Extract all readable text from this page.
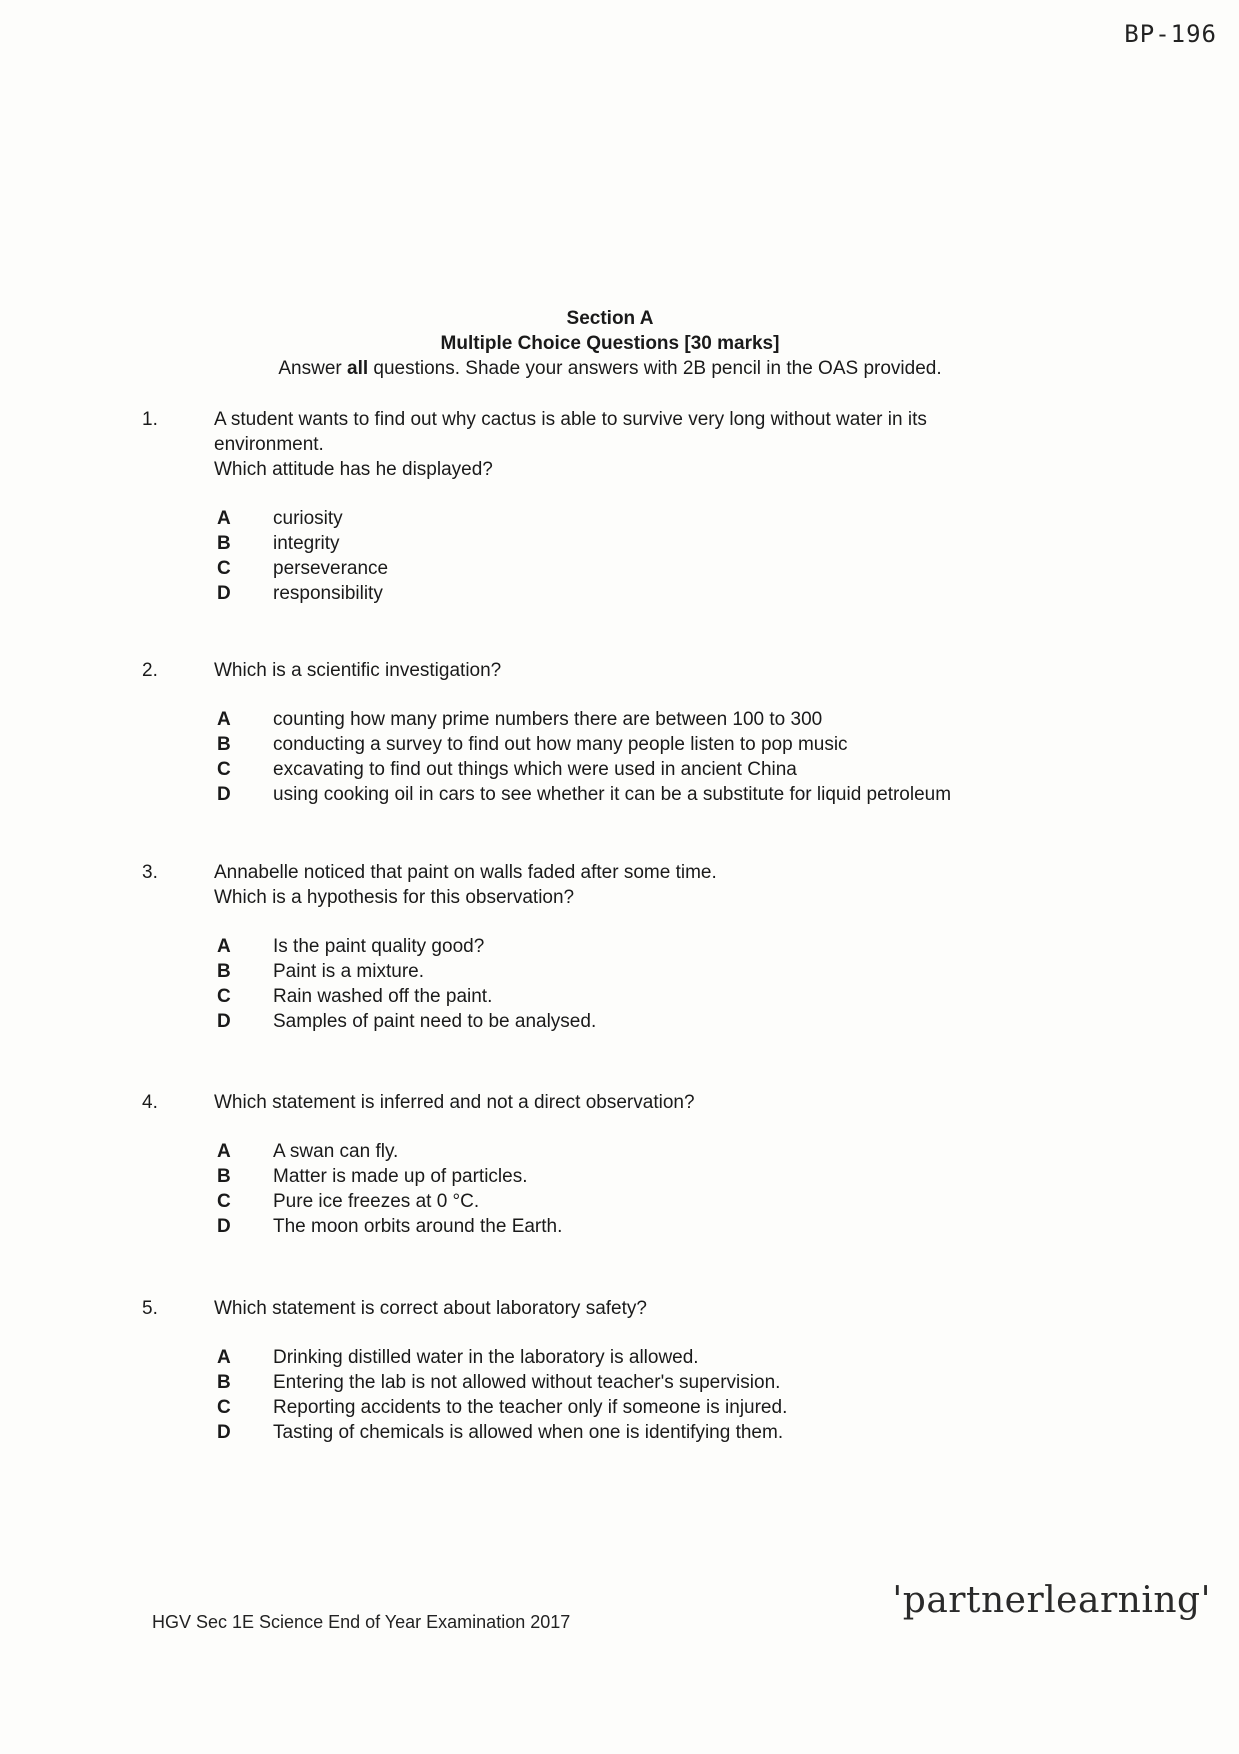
BP-196
Section A
Multiple Choice Questions [30 marks]
Answer all questions. Shade your answers with 2B pencil in the OAS provided.
1.	A student wants to find out why cactus is able to survive very long without water in its
environment.
Which attitude has he displayed?
A	curiosity
B	integrity
C	perseverance
D	responsibility
2.	Which is a scientific investigation?
A	counting how many prime numbers there are between 100 to 300
B	conducting a survey to find out how many people listen to pop music
C	excavating to find out things which were used in ancient China
D	using cooking oil in cars to see whether it can be a substitute for liquid petroleum
3.	Annabelle noticed that paint on walls faded after some time.
Which is a hypothesis for this observation?
A	Is the paint quality good?
B	Paint is a mixture.
C	Rain washed off the paint.
D	Samples of paint need to be analysed.
4.	Which statement is inferred and not a direct observation?
A	A swan can fly.
B	Matter is made up of particles.
C	Pure ice freezes at 0 °C.
D	The moon orbits around the Earth.
5.	Which statement is correct about laboratory safety?
A	Drinking distilled water in the laboratory is allowed.
B	Entering the lab is not allowed without teacher's supervision.
C	Reporting accidents to the teacher only if someone is injured.
D	Tasting of chemicals is allowed when one is identifying them.
HGV Sec 1E Science End of Year Examination 2017
'partnerlearning'
